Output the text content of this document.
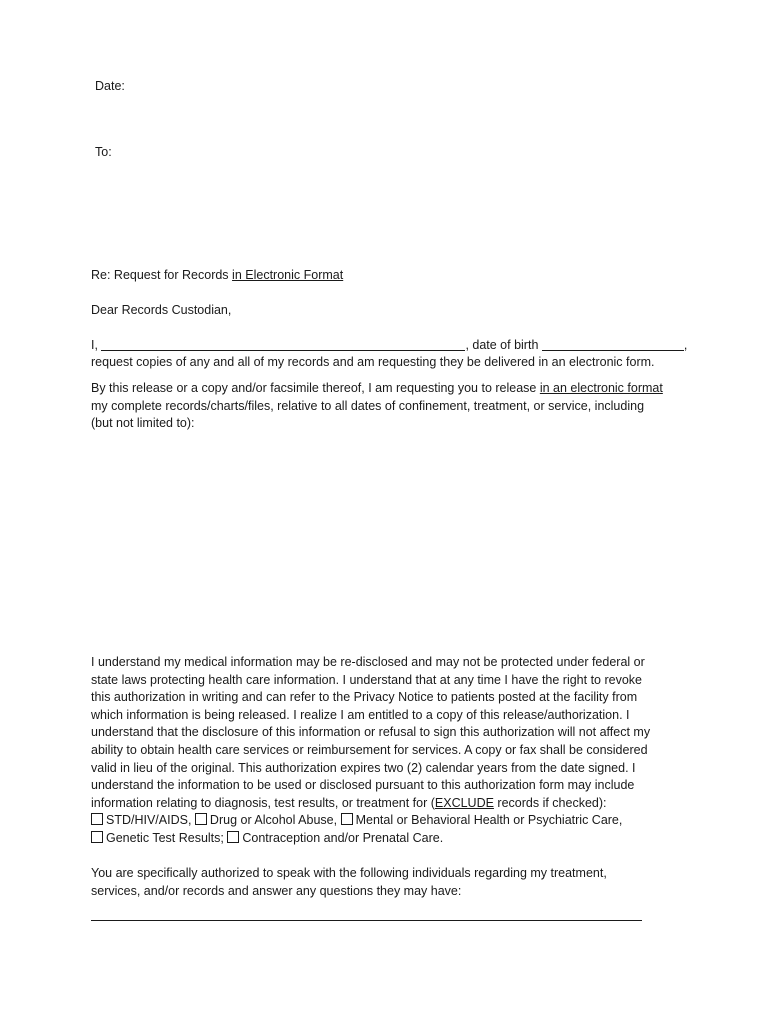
Date:
To:
Re: Request for Records in Electronic Format
Dear Records Custodian,
I,	, date of birth	,
request copies of any and all of my records and am requesting they be delivered in an electronic form.
By this release or a copy and/or facsimile thereof, I am requesting you to release in an electronic format
my complete records/charts/files, relative to all dates of confinement, treatment, or service, including
(but not limited to):
I understand my medical information may be re-disclosed and may not be protected under federal or
state laws protecting health care information. I understand that at any time I have the right to revoke
this authorization in writing and can refer to the Privacy Notice to patients posted at the facility from
which information is being released. I realize I am entitled to a copy of this release/authorization. I
understand that the disclosure of this information or refusal to sign this authorization will not affect my
ability to obtain health care services or reimbursement for services. A copy or fax shall be considered
valid in lieu of the original. This authorization expires two (2) calendar years from the date signed. I
understand the information to be used or disclosed pursuant to this authorization form may include
information relating to diagnosis, test results, or treatment for (EXCLUDE records if checked):
STD/HIV/AIDS, Drug or Alcohol Abuse, Mental or Behavioral Health or Psychiatric Care,
Genetic Test Results; Contraception and/or Prenatal Care.
You are specifically authorized to speak with the following individuals regarding my treatment,
services, and/or records and answer any questions they may have:
